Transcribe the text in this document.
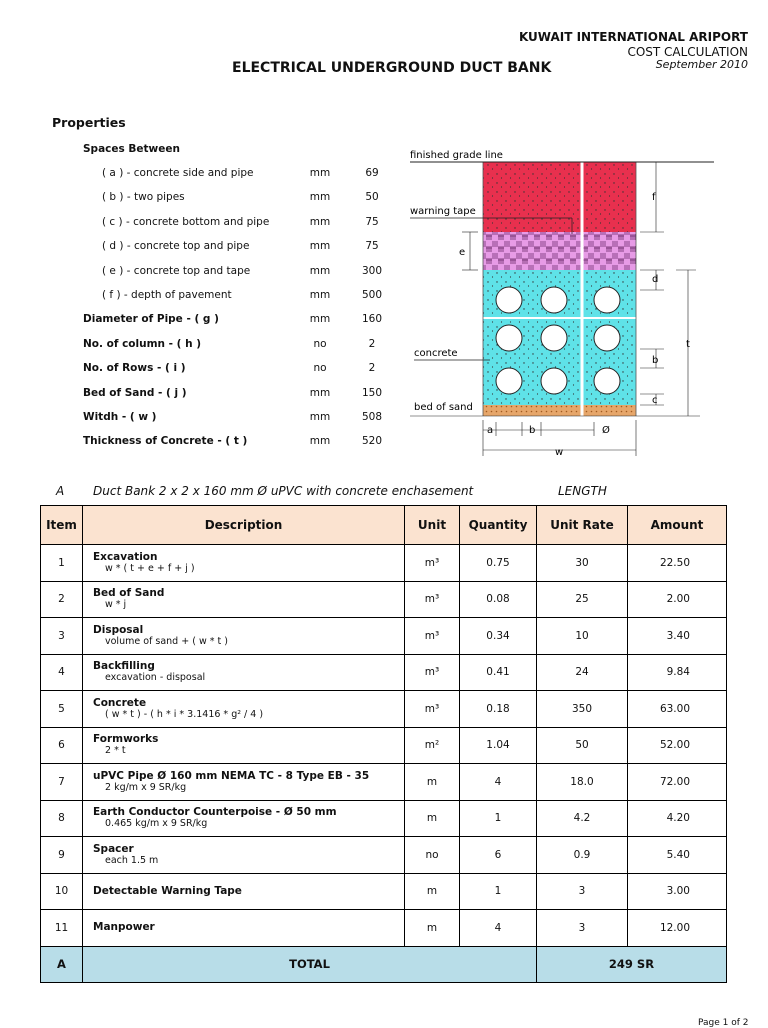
KUWAIT INTERNATIONAL ARIPORT
COST CALCULATION
September 2010
ELECTRICAL UNDERGROUND DUCT BANK
Properties
Spaces Between
( a ) - concrete side and pipe	mm	69
( b ) - two pipes	mm	50
( c ) - concrete bottom and pipe	mm	75
( d ) - concrete top and pipe	mm	75
( e ) - concrete top and tape	mm	300
( f ) - depth of pavement	mm	500
Diameter of Pipe - ( g )	mm	160
No. of column - ( h )	no	2
No. of Rows - ( i )	no	2
Bed of Sand - ( j )	mm	150
Witdh - ( w )	mm	508
Thickness of Concrete - ( t )	mm	520
finished grade line
warning tape
concrete
bed of sand
f
e
d
t
b
c
a	b	Ø
w
A Duct Bank 2 x 2 x 160 mm Ø uPVC with concrete enchasement	LENGTH
Item	Description	Unit	Quantity	Unit Rate	Amount
1	Excavation
w * ( t + e + f + j )	m³	0.75	30	22.50
2	Bed of Sand
w * j	m³	0.08	25	2.00
3	Disposal
volume of sand + ( w * t )	m³	0.34	10	3.40
4	Backfilling
excavation - disposal	m³	0.41	24	9.84
5	Concrete
( w * t ) - ( h * i * 3.1416 * g² / 4 )	m³	0.18	350	63.00
6	Formworks
2 * t	m²	1.04	50	52.00
7	uPVC Pipe Ø 160 mm NEMA TC - 8 Type EB - 35
2 kg/m x 9 SR/kg	m	4	18.0	72.00
8	Earth Conductor Counterpoise - Ø 50 mm
0.465 kg/m x 9 SR/kg	m	1	4.2	4.20
9	Spacer
each 1.5 m	no	6	0.9	5.40
10	Detectable Warning Tape	m	1	3	3.00
11	Manpower	m	4	3	12.00
A	TOTAL			249 SR	
Page 1 of 2
